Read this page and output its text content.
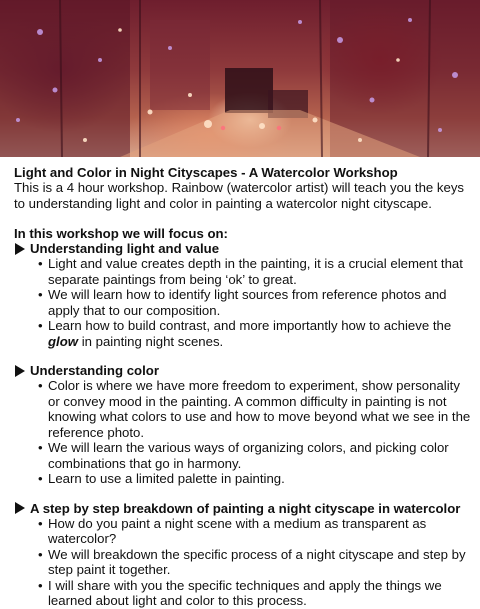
Light and Color in Night Cityscapes - A Watercolor Workshop

This is a 4 hour workshop. Rainbow (watercolor artist) will teach you the keys to understanding light and color in painting a watercolor night cityscape.

In this workshop we will focus on:

Understanding light and value
• Light and value creates depth in the painting, it is a crucial element that separate paintings from being ‘ok’ to great.
• We will learn how to identify light sources from reference photos and apply that to our composition.
• Learn how to build contrast, and more importantly how to achieve the glow in painting night scenes.
Understanding color
• Color is where we have more freedom to experiment, show personality or convey mood in the painting. A common difficulty in painting is not knowing what colors to use and how to move beyond what we see in the reference photo.
• We will learn the various ways of organizing colors, and picking color combinations that go in harmony.
• Learn to use a limited palette in painting.
A step by step breakdown of painting a night cityscape in watercolor
• How do you paint a night scene with a medium as transparent as watercolor?
• We will breakdown the specific process of a night cityscape and step by step paint it together.
• I will share with you the specific techniques and apply the things we learned about light and color to this process.
